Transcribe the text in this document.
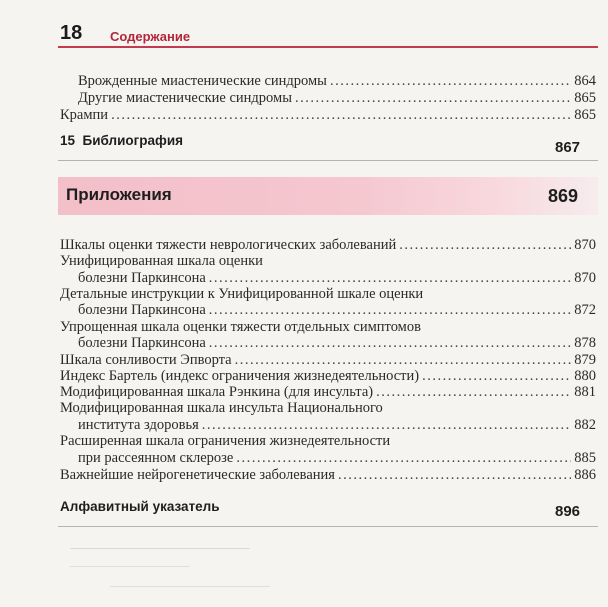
18 Содержание
Врожденные миастенические синдромы .....	864
Другие миастенические синдромы .....	865
Крампи .....	865
15 Библиография	867
Приложения	869
Шкалы оценки тяжести неврологических заболеваний .....	870
Унифицированная шкала оценки
болезни Паркинсона .....	870
Детальные инструкции к Унифицированной шкале оценки
болезни Паркинсона .....	872
Упрощенная шкала оценки тяжести отдельных симптомов
болезни Паркинсона .....	878
Шкала сонливости Эпворта .....	879
Индекс Бартель (индекс ограничения жизнедеятельности) .....	880
Модифицированная шкала Рэнкина (для инсульта) .....	881
Модифицированная шкала инсульта Национального
института здоровья .....	882
Расширенная шкала ограничения жизнедеятельности
при рассеянном склерозе .....	885
Важнейшие нейрогенетические заболевания .....	886
Алфавитный указатель	896
